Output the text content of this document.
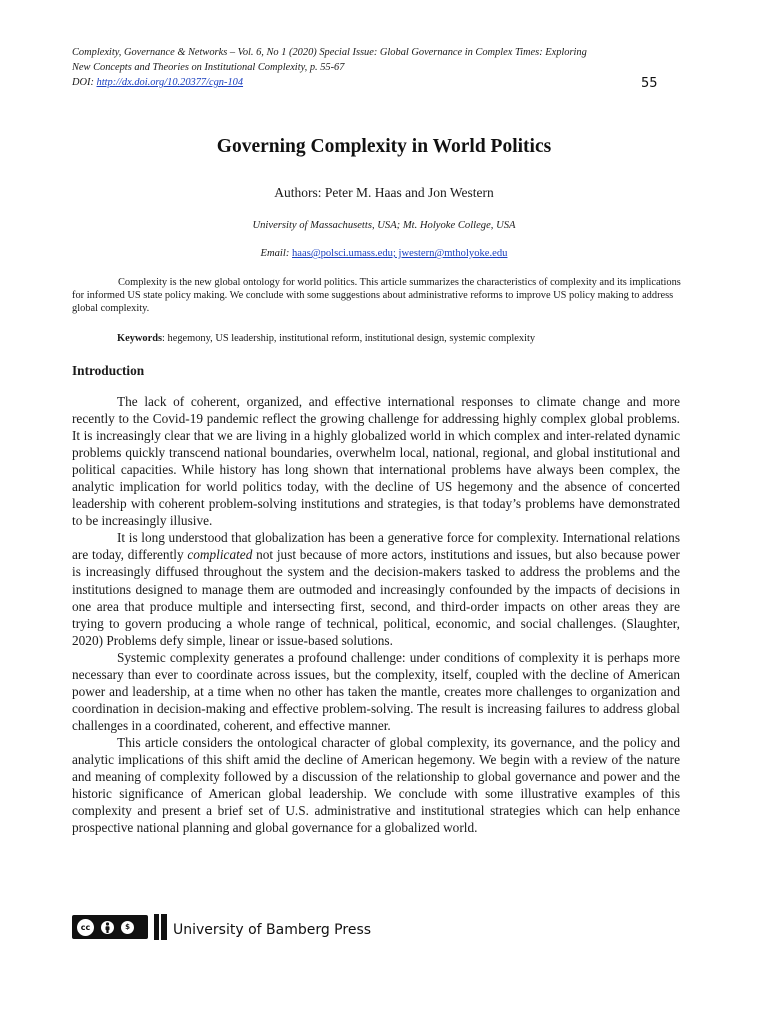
Complexity, Governance & Networks – Vol. 6, No 1 (2020) Special Issue: Global Governance in Complex Times: Exploring

New Concepts and Theories on Institutional Complexity, p. 55-67

DOI: http://dx.doi.org/10.20377/cgn-104	55
Governing Complexity in World Politics

Authors: Peter M. Haas and Jon Western

University of Massachusetts, USA; Mt. Holyoke College, USA

Email: haas@polsci.umass.edu; jwestern@mtholyoke.edu

Complexity is the new global ontology for world politics. This article summarizes the characteristics of complexity and its implications for informed US state policy making. We conclude with some suggestions about administrative reforms to improve US policy making to address global complexity.

Keywords: hegemony, US leadership, institutional reform, institutional design, systemic complexity

Introduction

The lack of coherent, organized, and effective international responses to climate change and more recently to the Covid-19 pandemic reflect the growing challenge for addressing highly complex global problems. It is increasingly clear that we are living in a highly globalized world in which complex and inter-related dynamic problems quickly transcend national boundaries, overwhelm local, national, regional, and global institutional and political capacities. While history has long shown that international problems have always been complex, the analytic implication for world politics today, with the decline of US hegemony and the absence of concerted leadership with coherent problem-solving institutions and strategies, is that today’s problems have demonstrated to be increasingly illusive.

It is long understood that globalization has been a generative force for complexity. International relations are today, differently complicated not just because of more actors, institutions and issues, but also because power is increasingly diffused throughout the system and the decision-makers tasked to address the problems and the institutions designed to manage them are outmoded and increasingly confounded by the impacts of decisions in one area that produce multiple and intersecting first, second, and third-order impacts on other areas they are trying to govern producing a whole range of technical, political, economic, and social challenges. (Slaughter, 2020) Problems defy simple, linear or issue-based solutions.

Systemic complexity generates a profound challenge: under conditions of complexity it is perhaps more necessary than ever to coordinate across issues, but the complexity, itself, coupled with the decline of American power and leadership, at a time when no other has taken the mantle, creates more challenges to organization and coordination in decision-making and effective problem-solving. The result is increasing failures to address global challenges in a coordinated, coherent, and effective manner.

This article considers the ontological character of global complexity, its governance, and the policy and analytic implications of this shift amid the decline of American hegemony. We begin with a review of the nature and meaning of complexity followed by a discussion of the relationship to global governance and power and the historic significance of American global leadership. We conclude with some illustrative examples of this complexity and present a brief set of U.S. administrative and institutional strategies which can help enhance prospective national planning and global governance for a globalized world.

cc	$	University of Bamberg Press
